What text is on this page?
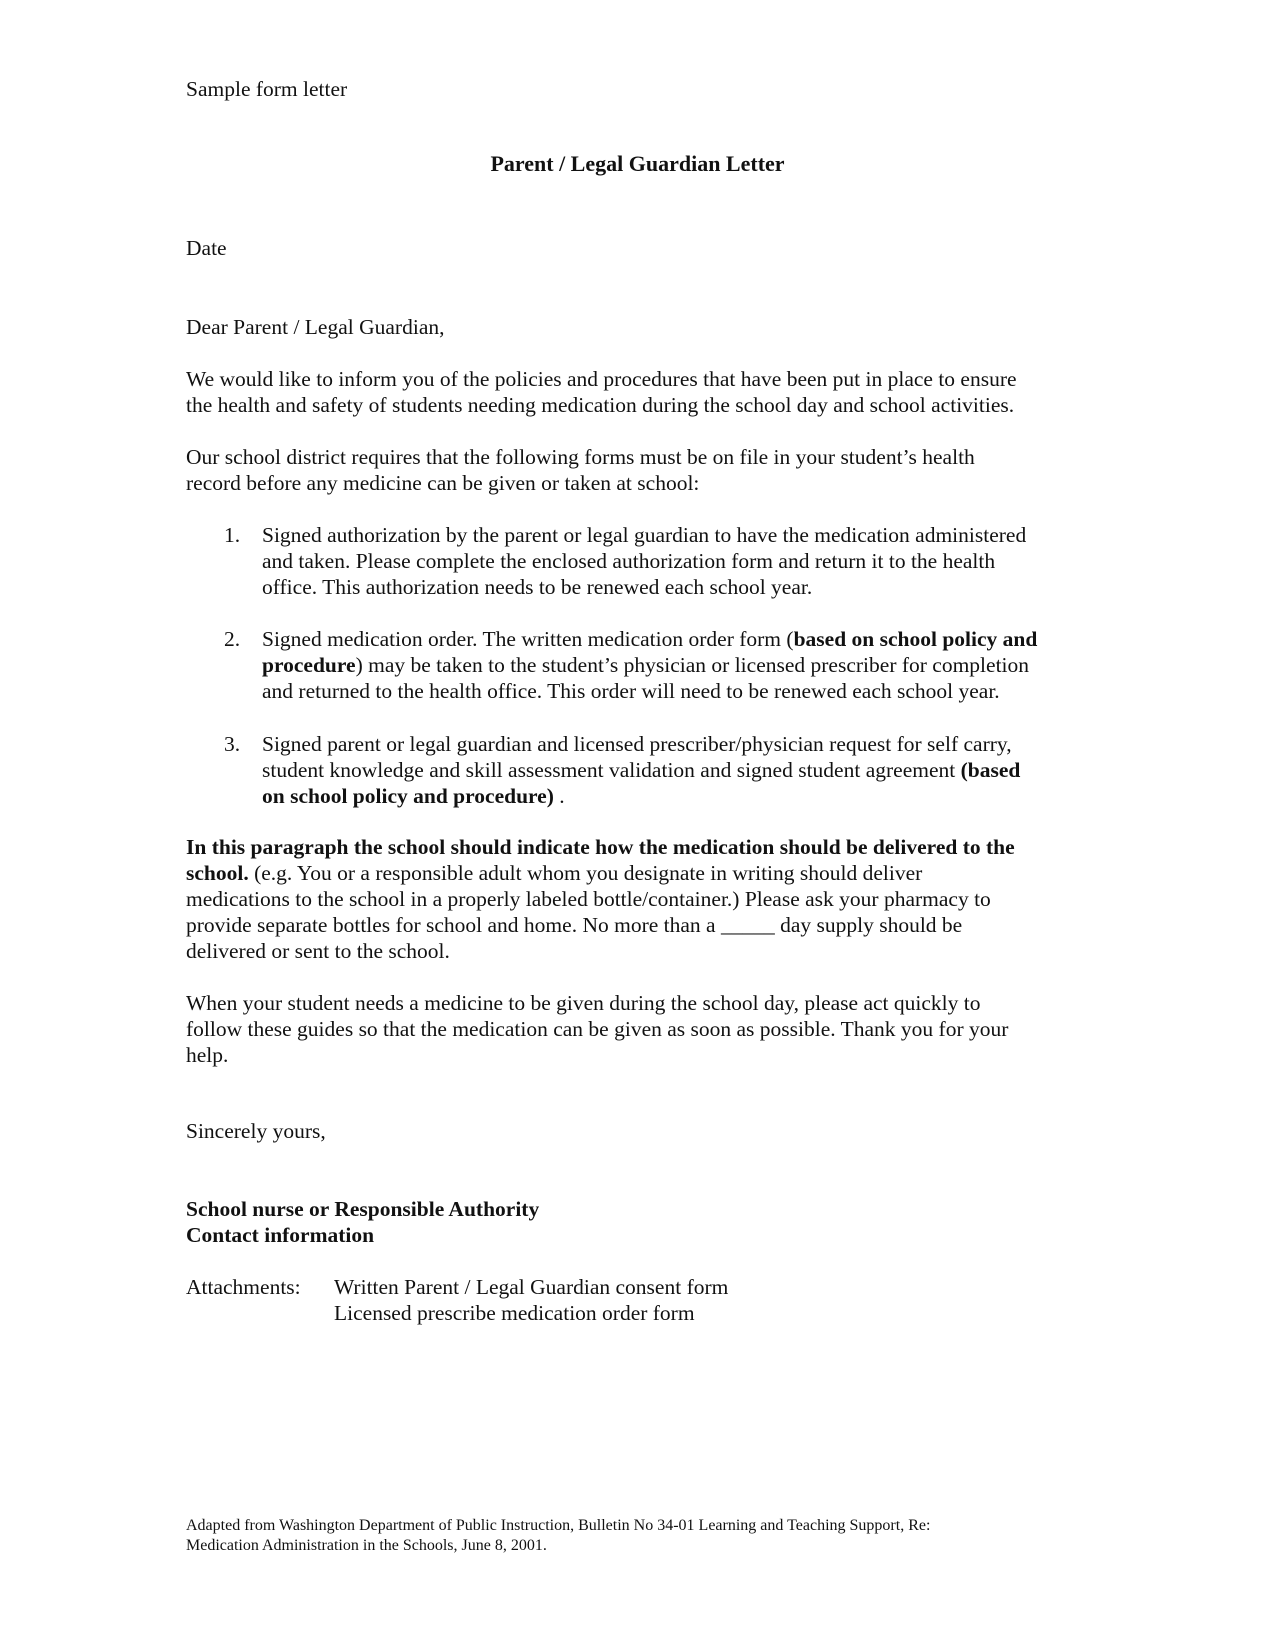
Sample form letter

Parent / Legal Guardian Letter

Date

Dear Parent / Legal Guardian,

We would like to inform you of the policies and procedures that have been put in place to ensure
the health and safety of students needing medication during the school day and school activities.
Our school district requires that the following forms must be on file in your student’s health
record before any medicine can be given or taken at school:
1. Signed authorization by the parent or legal guardian to have the medication administered
and taken. Please complete the enclosed authorization form and return it to the health
office. This authorization needs to be renewed each school year.
2. Signed medication order. The written medication order form (based on school policy and
procedure) may be taken to the student’s physician or licensed prescriber for completion
and returned to the health office. This order will need to be renewed each school year.
3. Signed parent or legal guardian and licensed prescriber/physician request for self carry,
student knowledge and skill assessment validation and signed student agreement (based
on school policy and procedure) .
In this paragraph the school should indicate how the medication should be delivered to the
school. (e.g. You or a responsible adult whom you designate in writing should deliver
medications to the school in a properly labeled bottle/container.) Please ask your pharmacy to
provide separate bottles for school and home. No more than a _____ day supply should be
delivered or sent to the school.
When your student needs a medicine to be given during the school day, please act quickly to
follow these guides so that the medication can be given as soon as possible. Thank you for your
help.

Sincerely yours,

School nurse or Responsible Authority
Contact information

Attachments: Written Parent / Legal Guardian consent form
Licensed prescribe medication order form
Adapted from Washington Department of Public Instruction, Bulletin No 34-01 Learning and Teaching Support, Re:
Medication Administration in the Schools, June 8, 2001.
